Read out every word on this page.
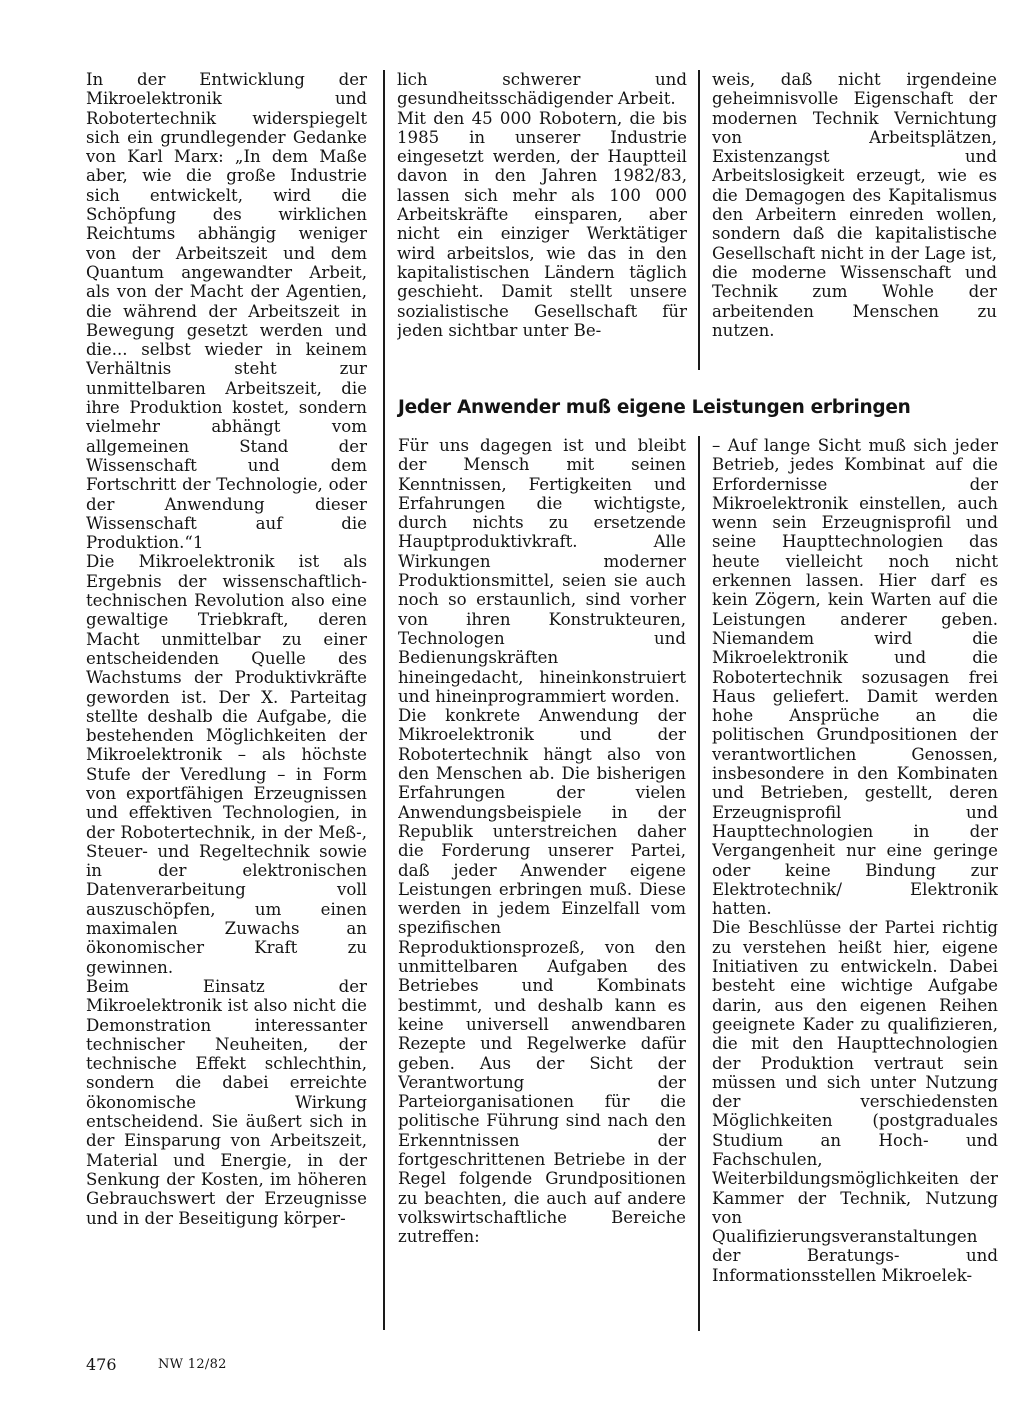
In der Entwicklung der Mikroelektronik und Robotertechnik widerspiegelt sich ein grundlegender Gedanke von Karl Marx: „In dem Maße aber, wie die große Industrie sich entwickelt, wird die Schöpfung des wirklichen Reichtums abhängig weniger von der Arbeitszeit und dem Quantum angewandter Arbeit, als von der Macht der Agentien, die während der Arbeitszeit in Bewegung gesetzt werden und die... selbst wieder in keinem Verhältnis steht zur unmittelbaren Arbeitszeit, die ihre Produktion kostet, sondern vielmehr abhängt vom allgemeinen Stand der Wissenschaft und dem Fortschritt der Technologie, oder der Anwendung dieser Wissenschaft auf die Produktion.“1

Die Mikroelektronik ist als Ergebnis der wissenschaftlich-technischen Revolution also eine gewaltige Triebkraft, deren Macht unmittelbar zu einer entscheidenden Quelle des Wachstums der Produktivkräfte geworden ist. Der X. Parteitag stellte deshalb die Aufgabe, die bestehenden Möglichkeiten der Mikroelektronik – als höchste Stufe der Veredlung – in Form von exportfähigen Erzeugnissen und effektiven Technologien, in der Robotertechnik, in der Meß-, Steuer- und Regeltechnik sowie in der elektronischen Datenverarbeitung voll auszuschöpfen, um einen maximalen Zuwachs an ökonomischer Kraft zu gewinnen.

Beim Einsatz der Mikroelektronik ist also nicht die Demonstration interessanter technischer Neuheiten, der technische Effekt schlechthin, sondern die dabei erreichte ökonomische Wirkung entscheidend. Sie äußert sich in der Einsparung von Arbeitszeit, Material und Energie, in der Senkung der Kosten, im höheren Gebrauchswert der Erzeugnisse und in der Beseitigung körper-

lich schwerer und gesundheitsschädigender Arbeit.

Mit den 45 000 Robotern, die bis 1985 in unserer Industrie eingesetzt werden, der Hauptteil davon in den Jahren 1982/83, lassen sich mehr als 100 000 Arbeitskräfte einsparen, aber nicht ein einziger Werktätiger wird arbeitslos, wie das in den kapitalistischen Ländern täglich geschieht. Damit stellt unsere sozialistische Gesellschaft für jeden sichtbar unter Be-

weis, daß nicht irgendeine geheimnisvolle Eigenschaft der modernen Technik Vernichtung von Arbeitsplätzen, Existenzangst und Arbeitslosigkeit erzeugt, wie es die Demagogen des Kapitalismus den Arbeitern einreden wollen, sondern daß die kapitalistische Gesellschaft nicht in der Lage ist, die moderne Wissenschaft und Technik zum Wohle der arbeitenden Menschen zu nutzen.

Jeder Anwender muß eigene Leistungen erbringen

Für uns dagegen ist und bleibt der Mensch mit seinen Kenntnissen, Fertigkeiten und Erfahrungen die wichtigste, durch nichts zu ersetzende Hauptproduktivkraft. Alle Wirkungen moderner Produktionsmittel, seien sie auch noch so erstaunlich, sind vorher von ihren Konstrukteuren, Technologen und Bedienungskräften hineingedacht, hineinkonstruiert und hineinprogrammiert worden.

Die konkrete Anwendung der Mikroelektronik und der Robotertechnik hängt also von den Menschen ab. Die bisherigen Erfahrungen der vielen Anwendungsbeispiele in der Republik unterstreichen daher die Forderung unserer Partei, daß jeder Anwender eigene Leistungen erbringen muß. Diese werden in jedem Einzelfall vom spezifischen Reproduktionsprozeß, von den unmittelbaren Aufgaben des Betriebes und Kombinats bestimmt, und deshalb kann es keine universell anwendbaren Rezepte und Regelwerke dafür geben. Aus der Sicht der Verantwortung der Parteiorganisationen für die politische Führung sind nach den Erkenntnissen der fortgeschrittenen Betriebe in der Regel folgende Grundpositionen zu beachten, die auch auf andere volkswirtschaftliche Bereiche zutreffen:

– Auf lange Sicht muß sich jeder Betrieb, jedes Kombinat auf die Erfordernisse der Mikroelektronik einstellen, auch wenn sein Erzeugnisprofil und seine Haupttechnologien das heute vielleicht noch nicht erkennen lassen. Hier darf es kein Zögern, kein Warten auf die Leistungen anderer geben. Niemandem wird die Mikroelektronik und die Robotertechnik sozusagen frei Haus geliefert. Damit werden hohe Ansprüche an die politischen Grundpositionen der verantwortlichen Genossen, insbesondere in den Kombinaten und Betrieben, gestellt, deren Erzeugnisprofil und Haupttechnologien in der Vergangenheit nur eine geringe oder keine Bindung zur Elektrotechnik/ Elektronik hatten.

Die Beschlüsse der Partei richtig zu verstehen heißt hier, eigene Initiativen zu entwickeln. Dabei besteht eine wichtige Aufgabe darin, aus den eigenen Reihen geeignete Kader zu qualifizieren, die mit den Haupttechnologien der Produktion vertraut sein müssen und sich unter Nutzung der verschiedensten Möglichkeiten (postgraduales Studium an Hoch- und Fachschulen, Weiterbildungsmöglichkeiten der Kammer der Technik, Nutzung von Qualifizierungsveranstaltungen der Beratungs- und Informationsstellen Mikroelek-

476	NW 12/82
